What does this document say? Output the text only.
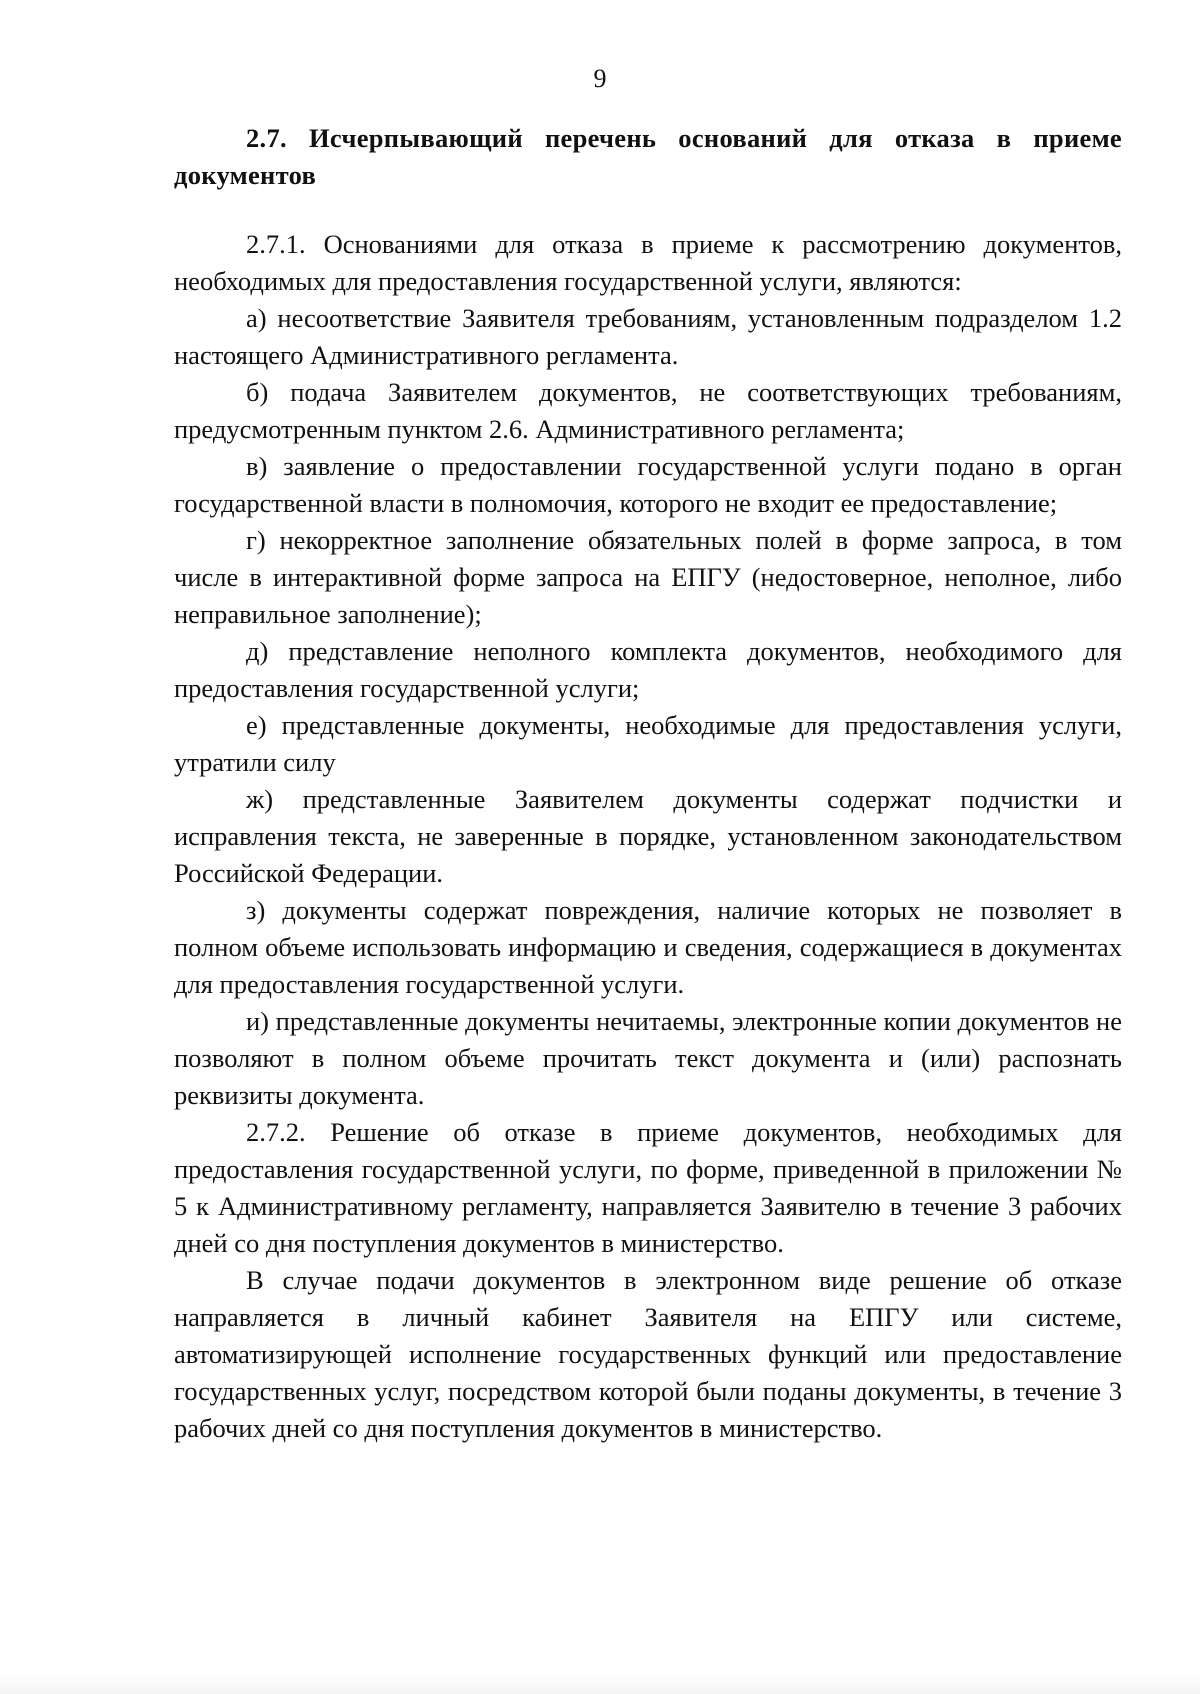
9

2.7. Исчерпывающий перечень оснований для отказа в приеме документов

2.7.1. Основаниями для отказа в приеме к рассмотрению документов, необходимых для предоставления государственной услуги, являются:

а) несоответствие Заявителя требованиям, установленным подразделом 1.2 настоящего Административного регламента.

б) подача Заявителем документов, не соответствующих требованиям, предусмотренным пунктом 2.6. Административного регламента;

в) заявление о предоставлении государственной услуги подано в орган государственной власти в полномочия, которого не входит ее предоставление;

г) некорректное заполнение обязательных полей в форме запроса, в том числе в интерактивной форме запроса на ЕПГУ (недостоверное, неполное, либо неправильное заполнение);

д) представление неполного комплекта документов, необходимого для предоставления государственной услуги;

е) представленные документы, необходимые для предоставления услуги, утратили силу

ж) представленные Заявителем документы содержат подчистки и исправления текста, не заверенные в порядке, установленном законодательством Российской Федерации.

з) документы содержат повреждения, наличие которых не позволяет в полном объеме использовать информацию и сведения, содержащиеся в документах для предоставления государственной услуги.

и) представленные документы нечитаемы, электронные копии документов не позволяют в полном объеме прочитать текст документа и (или) распознать реквизиты документа.

2.7.2. Решение об отказе в приеме документов, необходимых для предоставления государственной услуги, по форме, приведенной в приложении № 5 к Административному регламенту, направляется Заявителю в течение 3 рабочих дней со дня поступления документов в министерство.

В случае подачи документов в электронном виде решение об отказе направляется в личный кабинет Заявителя на ЕПГУ или системе, автоматизирующей исполнение государственных функций или предоставление государственных услуг, посредством которой были поданы документы, в течение 3 рабочих дней со дня поступления документов в министерство.
